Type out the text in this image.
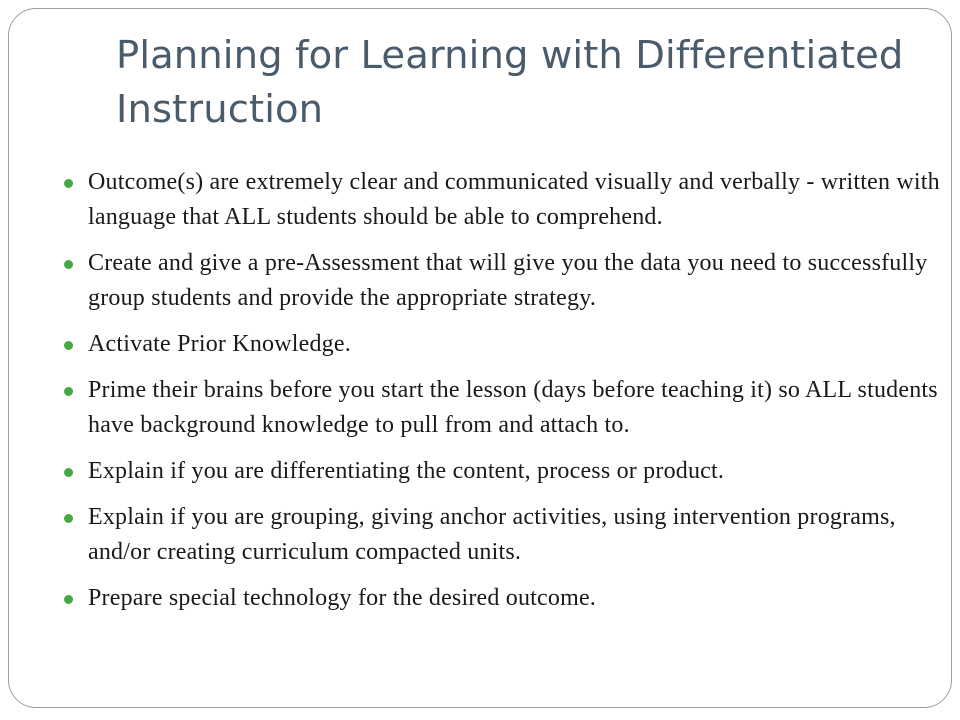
Planning for Learning with Differentiated Instruction
Outcome(s) are extremely clear and communicated visually and verbally - written with language that ALL students should be able to comprehend.
Create and give a pre-Assessment that will give you the data you need to successfully group students and provide the appropriate strategy.
Activate Prior Knowledge.
Prime their brains before you start the lesson (days before teaching it) so ALL students have background knowledge to pull from and attach to.
Explain if you are differentiating the content, process or product.
Explain if you are grouping, giving anchor activities, using intervention programs, and/or creating curriculum compacted units.
Prepare special technology for the desired outcome.
